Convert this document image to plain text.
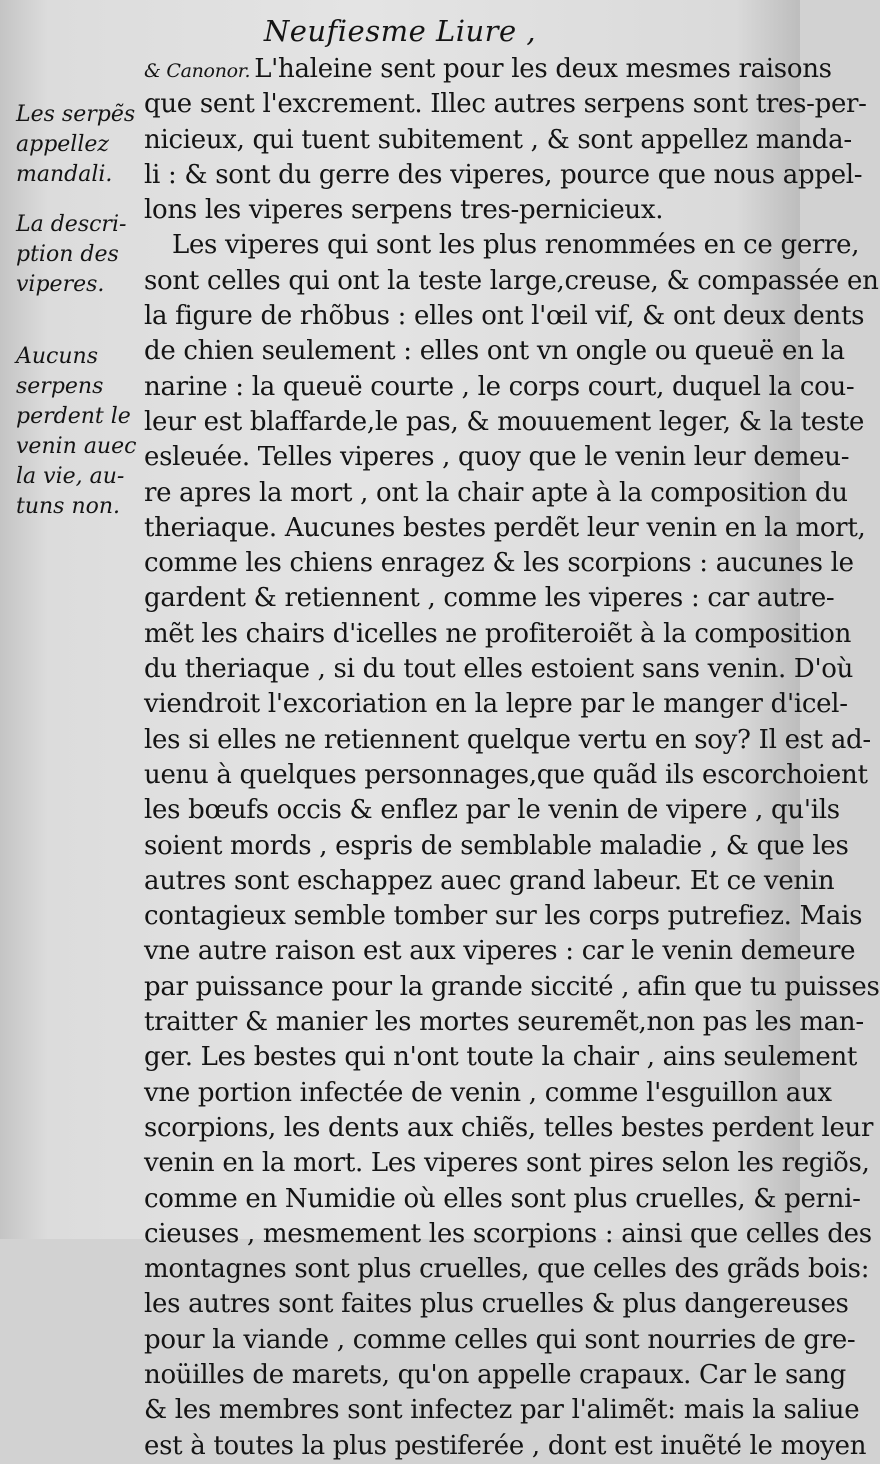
Neufiesme Liure ,
& Canonor. L'haleine sent pour les deux mesmes raisons
que sent l'excrement. Illec autres serpens sont tres-per-
nicieux, qui tuent subitement , & sont appellez manda-
li : & sont du gerre des viperes, pource que nous appel-
lons les viperes serpens tres-pernicieux.
Les viperes qui sont les plus renommées en ce gerre,
sont celles qui ont la teste large,creuse, & compassée en
la figure de rhõbus : elles ont l'œil vif, & ont deux dents
de chien seulement : elles ont vn ongle ou queuë en la
narine : la queuë courte , le corps court, duquel la cou-
leur est blaffarde,le pas, & mouuement leger, & la teste
esleuée. Telles viperes , quoy que le venin leur demeu-
re apres la mort , ont la chair apte à la composition du
theriaque. Aucunes bestes perdẽt leur venin en la mort,
comme les chiens enragez & les scorpions : aucunes le
gardent & retiennent , comme les viperes : car autre-
mẽt les chairs d'icelles ne profiteroiẽt à la composition
du theriaque , si du tout elles estoient sans venin. D'où
viendroit l'excoriation en la lepre par le manger d'icel-
les si elles ne retiennent quelque vertu en soy? Il est ad-
uenu à quelques personnages,que quãd ils escorchoient
les bœufs occis & enflez par le venin de vipere , qu'ils
soient mords , espris de semblable maladie , & que les
autres sont eschappez auec grand labeur. Et ce venin
contagieux semble tomber sur les corps putrefiez. Mais
vne autre raison est aux viperes : car le venin demeure
par puissance pour la grande siccité , afin que tu puisses
traitter & manier les mortes seuremẽt,non pas les man-
ger. Les bestes qui n'ont toute la chair , ains seulement
vne portion infectée de venin , comme l'esguillon aux
scorpions, les dents aux chiẽs, telles bestes perdent leur
venin en la mort. Les viperes sont pires selon les regiõs,
comme en Numidie où elles sont plus cruelles, & perni-
cieuses , mesmement les scorpions : ainsi que celles des
montagnes sont plus cruelles, que celles des grãds bois:
les autres sont faites plus cruelles & plus dangereuses
pour la viande , comme celles qui sont nourries de gre-
noüilles de marets, qu'on appelle crapaux. Car le sang
& les membres sont infectez par l'alimẽt: mais la saliue
est à toutes la plus pestiferée , dont est inuẽté le moyen
Les serpẽs
appellez
mandali.
La descri-
ption des
viperes.
Aucuns
serpens
perdent le
venin auec
la vie, au-
tuns non.
